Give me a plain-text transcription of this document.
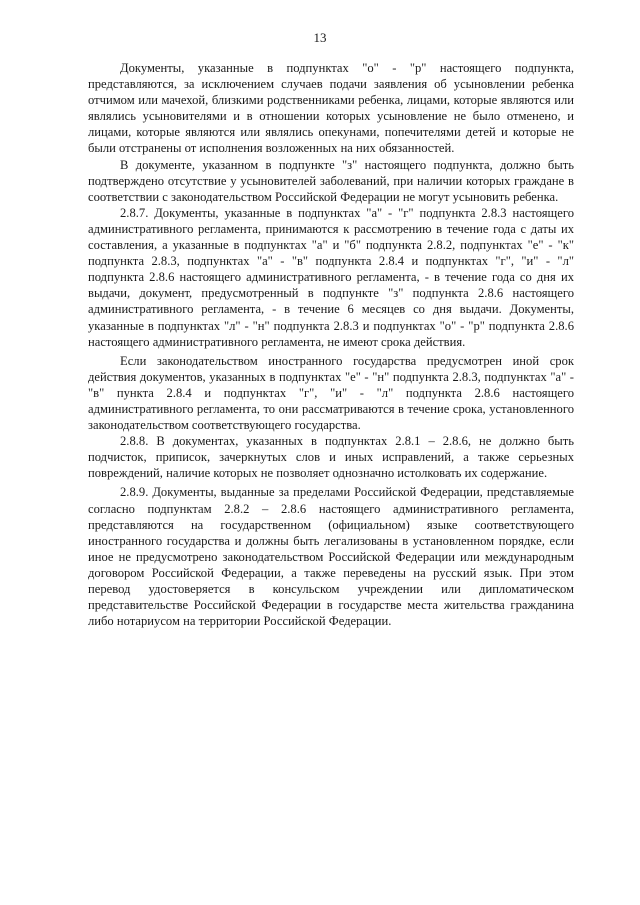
13

Документы, указанные в подпунктах "о" - "р" настоящего подпункта, представляются, за исключением случаев подачи заявления об усыновлении ребенка отчимом или мачехой, близкими родственниками ребенка, лицами, которые являются или являлись усыновителями и в отношении которых усыновление не было отменено, и лицами, которые являются или являлись опекунами, попечителями детей и которые не были отстранены от исполнения возложенных на них обязанностей.

В документе, указанном в подпункте "з" настоящего подпункта, должно быть подтверждено отсутствие у усыновителей заболеваний, при наличии которых граждане в соответствии с законодательством Российской Федерации не могут усыновить ребенка.

2.8.7. Документы, указанные в подпунктах "а" - "г" подпункта 2.8.3 настоящего административного регламента, принимаются к рассмотрению в течение года с даты их составления, а указанные в подпунктах "а" и "б" подпункта 2.8.2, подпунктах "е" - "к" подпункта 2.8.3, подпунктах "а" - "в" подпункта 2.8.4 и подпунктах "г", "и" - "л" подпункта 2.8.6 настоящего административного регламента, - в течение года со дня их выдачи, документ, предусмотренный в подпункте "з" подпункта 2.8.6 настоящего административного регламента, - в течение 6 месяцев со дня выдачи. Документы, указанные в подпунктах "л" - "н" подпункта 2.8.3 и подпунктах "о" - "р" подпункта 2.8.6 настоящего административного регламента, не имеют срока действия.

Если законодательством иностранного государства предусмотрен иной срок действия документов, указанных в подпунктах "е" - "н" подпункта 2.8.3, подпунктах "а" - "в" пункта 2.8.4 и подпунктах "г", "и" - "л" подпункта 2.8.6 настоящего административного регламента, то они рассматриваются в течение срока, установленного законодательством соответствующего государства.

2.8.8. В документах, указанных в подпунктах 2.8.1 – 2.8.6, не должно быть подчисток, приписок, зачеркнутых слов и иных исправлений, а также серьезных повреждений, наличие которых не позволяет однозначно истолковать их содержание.

2.8.9. Документы, выданные за пределами Российской Федерации, представляемые согласно подпунктам 2.8.2 – 2.8.6 настоящего административного регламента, представляются на государственном (официальном) языке соответствующего иностранного государства и должны быть легализованы в установленном порядке, если иное не предусмотрено законодательством Российской Федерации или международным договором Российской Федерации, а также переведены на русский язык. При этом перевод удостоверяется в консульском учреждении или дипломатическом представительстве Российской Федерации в государстве места жительства гражданина либо нотариусом на территории Российской Федерации.
